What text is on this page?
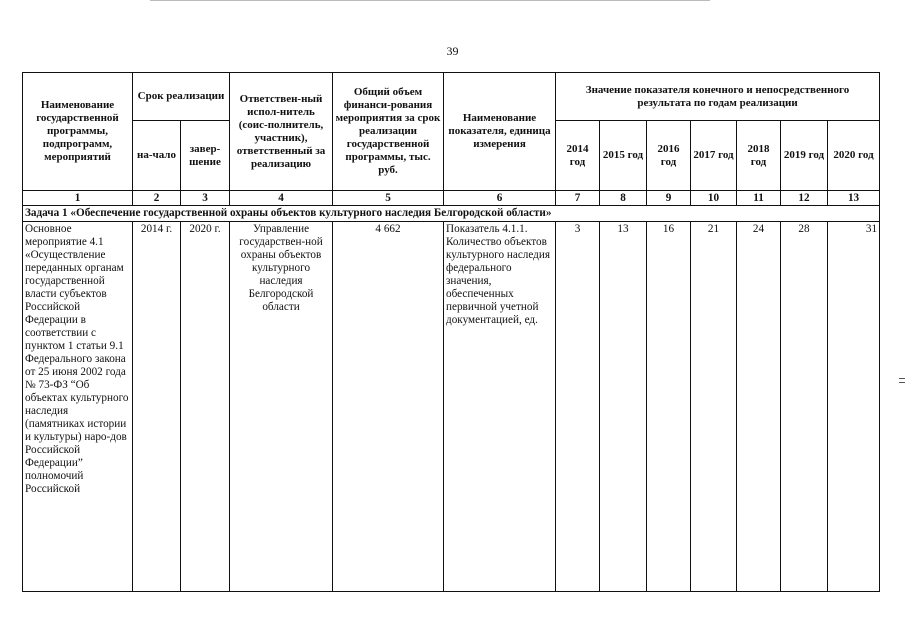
39
Наименование государственной программы, подпрограмм, мероприятий	Срок реализации		Ответствен-ный испол-нитель (соис-полнитель, участник), ответственный за реализацию	Общий объем финанси-рования мероприятия за срок реализации государственной программы, тыс. руб.	Наименование показателя, единица измерения	Значение показателя конечного и непосредственного результата по годам реализации						
	на-чало	завер-шение				2014 год	2015 год	2016 год	2017 год	2018 год	2019 год	2020 год
1	2	3	4	5	6	7	8	9	10	11	12	13
Задача 1 «Обеспечение государственной охраны объектов культурного наследия Белгородской области»												
Основное мероприятие 4.1 «Осуществление переданных органам государственной власти субъектов Российской Федерации в соответствии с пунктом 1 статьи 9.1 Федерального закона от 25 июня 2002 года № 73-ФЗ “Об объектах культурного наследия (памятниках истории и культуры) наро-дов Российской Федерации” полномочий Российской	2014 г.	2020 г.	Управление государствен-ной охраны объектов культурного наследия Белгородской области	4 662	Показатель 4.1.1. Количество объектов культурного наследия федерального значения, обеспеченных первичной учетной документацией, ед.	3	13	16	21	24	28	31
